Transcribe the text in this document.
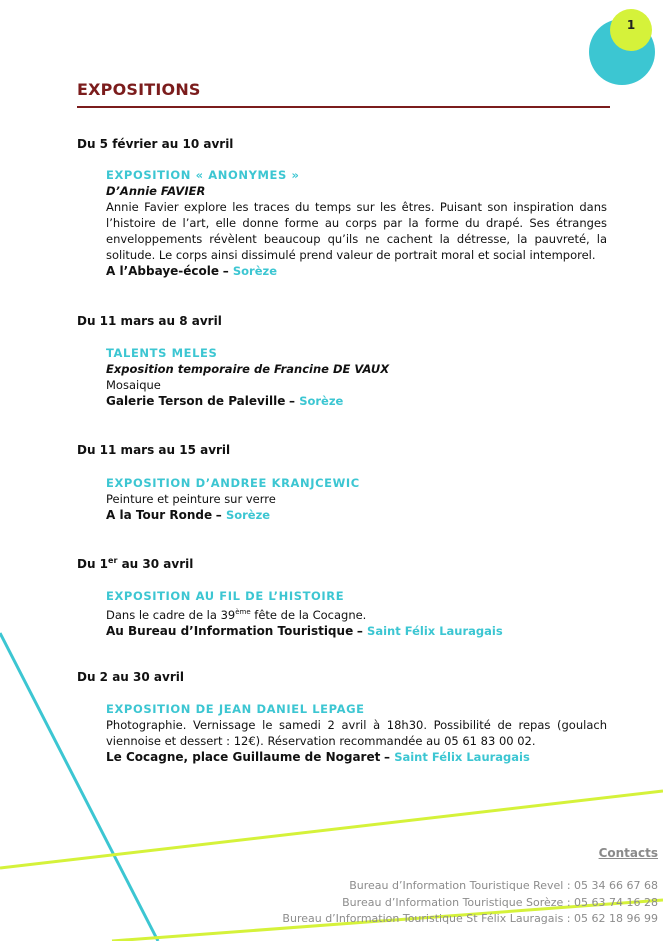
1
EXPOSITIONS
Du 5 février au 10 avril
EXPOSITION « ANONYMES »
D’Annie FAVIER
Annie Favier explore les traces du temps sur les êtres. Puisant son inspiration dans l’histoire de l’art, elle donne forme au corps par la forme du drapé. Ses étranges enveloppements révèlent beaucoup qu’ils ne cachent la détresse, la pauvreté, la solitude. Le corps ainsi dissimulé prend valeur de portrait moral et social intemporel.
A l’Abbaye-école – Sorèze
Du 11 mars au 8 avril
TALENTS MELES
Exposition temporaire de Francine DE VAUX
Mosaique
Galerie Terson de Paleville – Sorèze
Du 11 mars au 15 avril
EXPOSITION D’ANDREE KRANJCEWIC
Peinture et peinture sur verre
A la Tour Ronde – Sorèze
Du 1er au 30 avril
EXPOSITION AU FIL DE L’HISTOIRE
Dans le cadre de la 39ème fête de la Cocagne.
Au Bureau d’Information Touristique – Saint Félix Lauragais
Du 2 au 30 avril
EXPOSITION DE JEAN DANIEL LEPAGE
Photographie. Vernissage le samedi 2 avril à 18h30. Possibilité de repas (goulach viennoise et dessert : 12€). Réservation recommandée au 05 61 83 00 02.
Le Cocagne, place Guillaume de Nogaret – Saint Félix Lauragais
Contacts
Bureau d’Information Touristique Revel : 05 34 66 67 68
Bureau d’Information Touristique Sorèze : 05 63 74 16 28
Bureau d’Information Touristique St Félix Lauragais : 05 62 18 96 99
